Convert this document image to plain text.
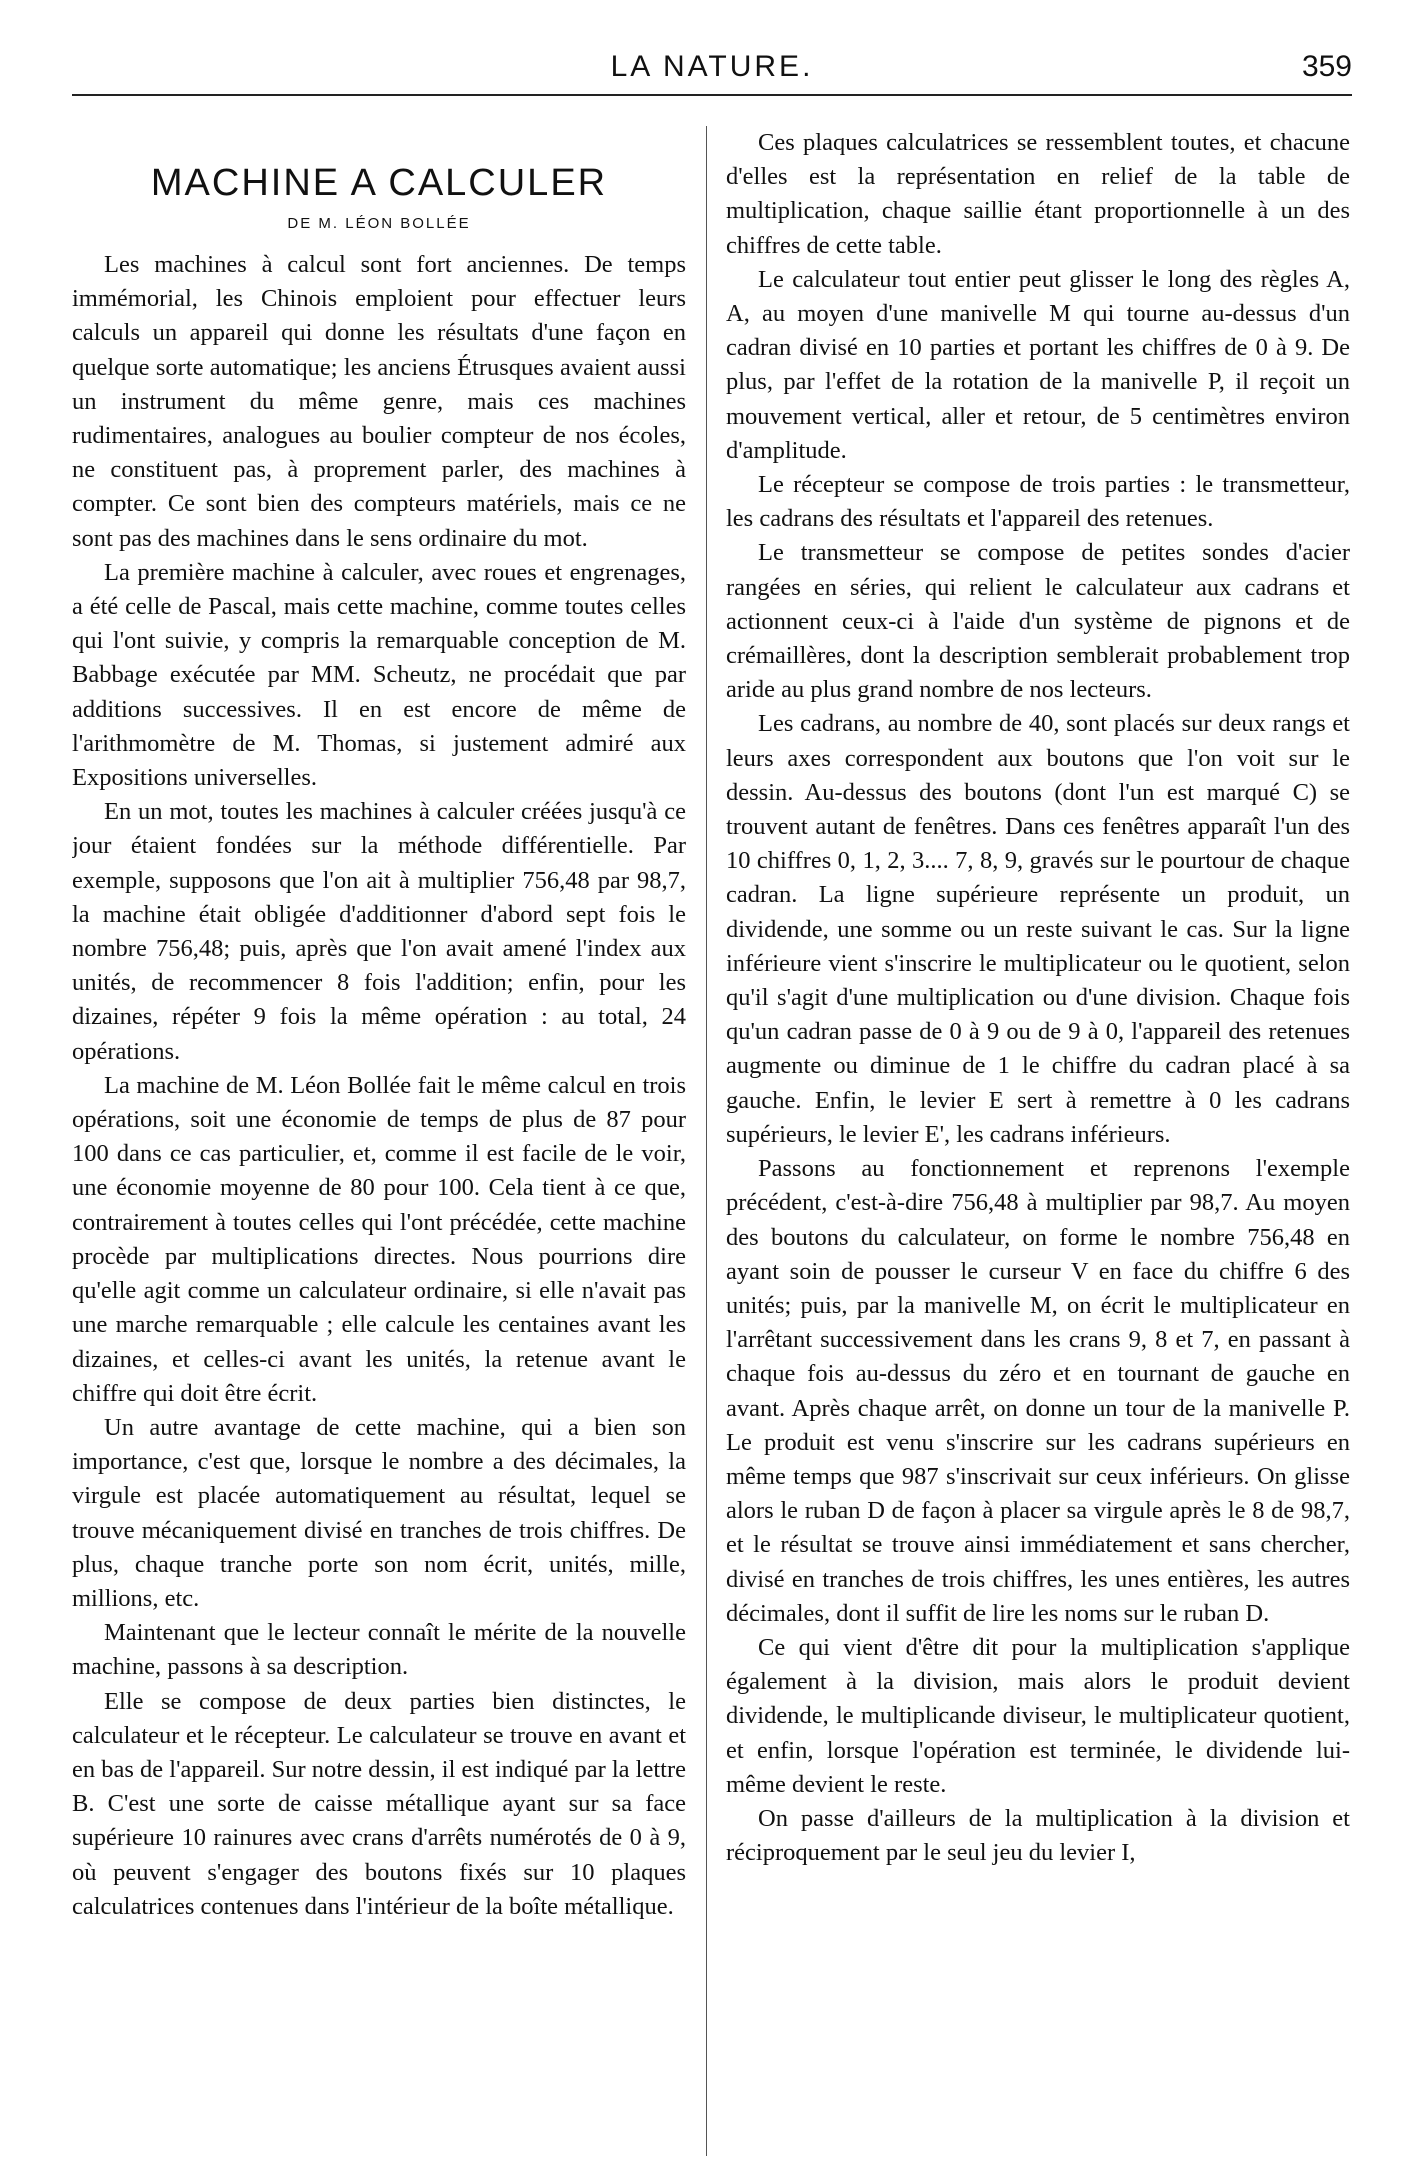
LA NATURE.	359
MACHINE A CALCULER
DE M. LÉON BOLLÉE

Les machines à calcul sont fort anciennes. De temps immémorial, les Chinois emploient pour effectuer leurs calculs un appareil qui donne les résultats d'une façon en quelque sorte automatique; les anciens Étrusques avaient aussi un instrument du même genre, mais ces machines rudimentaires, analogues au boulier compteur de nos écoles, ne constituent pas, à proprement parler, des machines à compter. Ce sont bien des compteurs matériels, mais ce ne sont pas des machines dans le sens ordinaire du mot.

La première machine à calculer, avec roues et engrenages, a été celle de Pascal, mais cette machine, comme toutes celles qui l'ont suivie, y compris la remarquable conception de M. Babbage exécutée par MM. Scheutz, ne procédait que par additions successives. Il en est encore de même de l'arithmomètre de M. Thomas, si justement admiré aux Expositions universelles.

En un mot, toutes les machines à calculer créées jusqu'à ce jour étaient fondées sur la méthode différentielle. Par exemple, supposons que l'on ait à multiplier 756,48 par 98,7, la machine était obligée d'additionner d'abord sept fois le nombre 756,48; puis, après que l'on avait amené l'index aux unités, de recommencer 8 fois l'addition; enfin, pour les dizaines, répéter 9 fois la même opération : au total, 24 opérations.

La machine de M. Léon Bollée fait le même calcul en trois opérations, soit une économie de temps de plus de 87 pour 100 dans ce cas particulier, et, comme il est facile de le voir, une économie moyenne de 80 pour 100. Cela tient à ce que, contrairement à toutes celles qui l'ont précédée, cette machine procède par multiplications directes. Nous pourrions dire qu'elle agit comme un calculateur ordinaire, si elle n'avait pas une marche remarquable ; elle calcule les centaines avant les dizaines, et celles-ci avant les unités, la retenue avant le chiffre qui doit être écrit.

Un autre avantage de cette machine, qui a bien son importance, c'est que, lorsque le nombre a des décimales, la virgule est placée automatiquement au résultat, lequel se trouve mécaniquement divisé en tranches de trois chiffres. De plus, chaque tranche porte son nom écrit, unités, mille, millions, etc.

Maintenant que le lecteur connaît le mérite de la nouvelle machine, passons à sa description.

Elle se compose de deux parties bien distinctes, le calculateur et le récepteur. Le calculateur se trouve en avant et en bas de l'appareil. Sur notre dessin, il est indiqué par la lettre B. C'est une sorte de caisse métallique ayant sur sa face supérieure 10 rainures avec crans d'arrêts numérotés de 0 à 9, où peuvent s'engager des boutons fixés sur 10 plaques calculatrices contenues dans l'intérieur de la boîte métallique.

Ces plaques calculatrices se ressemblent toutes, et chacune d'elles est la représentation en relief de la table de multiplication, chaque saillie étant proportionnelle à un des chiffres de cette table.

Le calculateur tout entier peut glisser le long des règles A, A, au moyen d'une manivelle M qui tourne au-dessus d'un cadran divisé en 10 parties et portant les chiffres de 0 à 9. De plus, par l'effet de la rotation de la manivelle P, il reçoit un mouvement vertical, aller et retour, de 5 centimètres environ d'amplitude.

Le récepteur se compose de trois parties : le transmetteur, les cadrans des résultats et l'appareil des retenues.

Le transmetteur se compose de petites sondes d'acier rangées en séries, qui relient le calculateur aux cadrans et actionnent ceux-ci à l'aide d'un système de pignons et de crémaillères, dont la description semblerait probablement trop aride au plus grand nombre de nos lecteurs.

Les cadrans, au nombre de 40, sont placés sur deux rangs et leurs axes correspondent aux boutons que l'on voit sur le dessin. Au-dessus des boutons (dont l'un est marqué C) se trouvent autant de fenêtres. Dans ces fenêtres apparaît l'un des 10 chiffres 0, 1, 2, 3.... 7, 8, 9, gravés sur le pourtour de chaque cadran. La ligne supérieure représente un produit, un dividende, une somme ou un reste suivant le cas. Sur la ligne inférieure vient s'inscrire le multiplicateur ou le quotient, selon qu'il s'agit d'une multiplication ou d'une division. Chaque fois qu'un cadran passe de 0 à 9 ou de 9 à 0, l'appareil des retenues augmente ou diminue de 1 le chiffre du cadran placé à sa gauche. Enfin, le levier E sert à remettre à 0 les cadrans supérieurs, le levier E', les cadrans inférieurs.

Passons au fonctionnement et reprenons l'exemple précédent, c'est-à-dire 756,48 à multiplier par 98,7. Au moyen des boutons du calculateur, on forme le nombre 756,48 en ayant soin de pousser le curseur V en face du chiffre 6 des unités; puis, par la manivelle M, on écrit le multiplicateur en l'arrêtant successivement dans les crans 9, 8 et 7, en passant à chaque fois au-dessus du zéro et en tournant de gauche en avant. Après chaque arrêt, on donne un tour de la manivelle P. Le produit est venu s'inscrire sur les cadrans supérieurs en même temps que 987 s'inscrivait sur ceux inférieurs. On glisse alors le ruban D de façon à placer sa virgule après le 8 de 98,7, et le résultat se trouve ainsi immédiatement et sans chercher, divisé en tranches de trois chiffres, les unes entières, les autres décimales, dont il suffit de lire les noms sur le ruban D.

Ce qui vient d'être dit pour la multiplication s'applique également à la division, mais alors le produit devient dividende, le multiplicande diviseur, le multiplicateur quotient, et enfin, lorsque l'opération est terminée, le dividende lui-même devient le reste.

On passe d'ailleurs de la multiplication à la division et réciproquement par le seul jeu du levier I,
